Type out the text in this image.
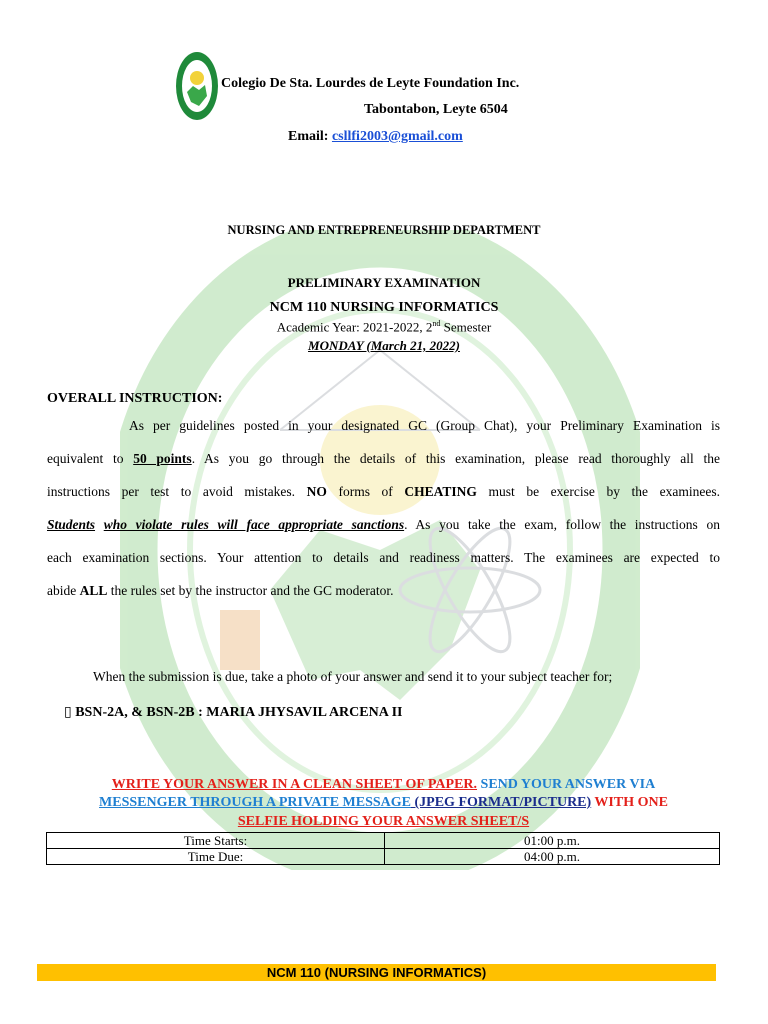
Colegio De Sta. Lourdes de Leyte Foundation Inc.
Tabontabon, Leyte 6504
Email: csllfi2003@gmail.com
NURSING AND ENTREPRENEURSHIP DEPARTMENT
PRELIMINARY EXAMINATION
NCM 110 NURSING INFORMATICS
Academic Year: 2021-2022, 2nd Semester
MONDAY (March 21, 2022)
OVERALL INSTRUCTION:
As per guidelines posted in your designated GC (Group Chat), your Preliminary Examination is
equivalent to 50 points. As you go through the details of this examination, please read thoroughly all the
instructions per test to avoid mistakes. NO forms of CHEATING must be exercise by the examinees.
Students who violate rules will face appropriate sanctions. As you take the exam, follow the instructions on
each examination sections. Your attention to details and readiness matters. The examinees are expected to
abide ALL the rules set by the instructor and the GC moderator.
When the submission is due, take a photo of your answer and send it to your subject teacher for;
▯ BSN-2A, & BSN-2B : MARIA JHYSAVIL ARCENA II
WRITE YOUR ANSWER IN A CLEAN SHEET OF PAPER. SEND YOUR ANSWER VIA
MESSENGER THROUGH A PRIVATE MESSAGE (JPEG FORMAT/PICTURE) WITH ONE
SELFIE HOLDING YOUR ANSWER SHEET/S
Time Starts:	01:00 p.m.
Time Due:	04:00 p.m.
NCM 110 (NURSING INFORMATICS)
